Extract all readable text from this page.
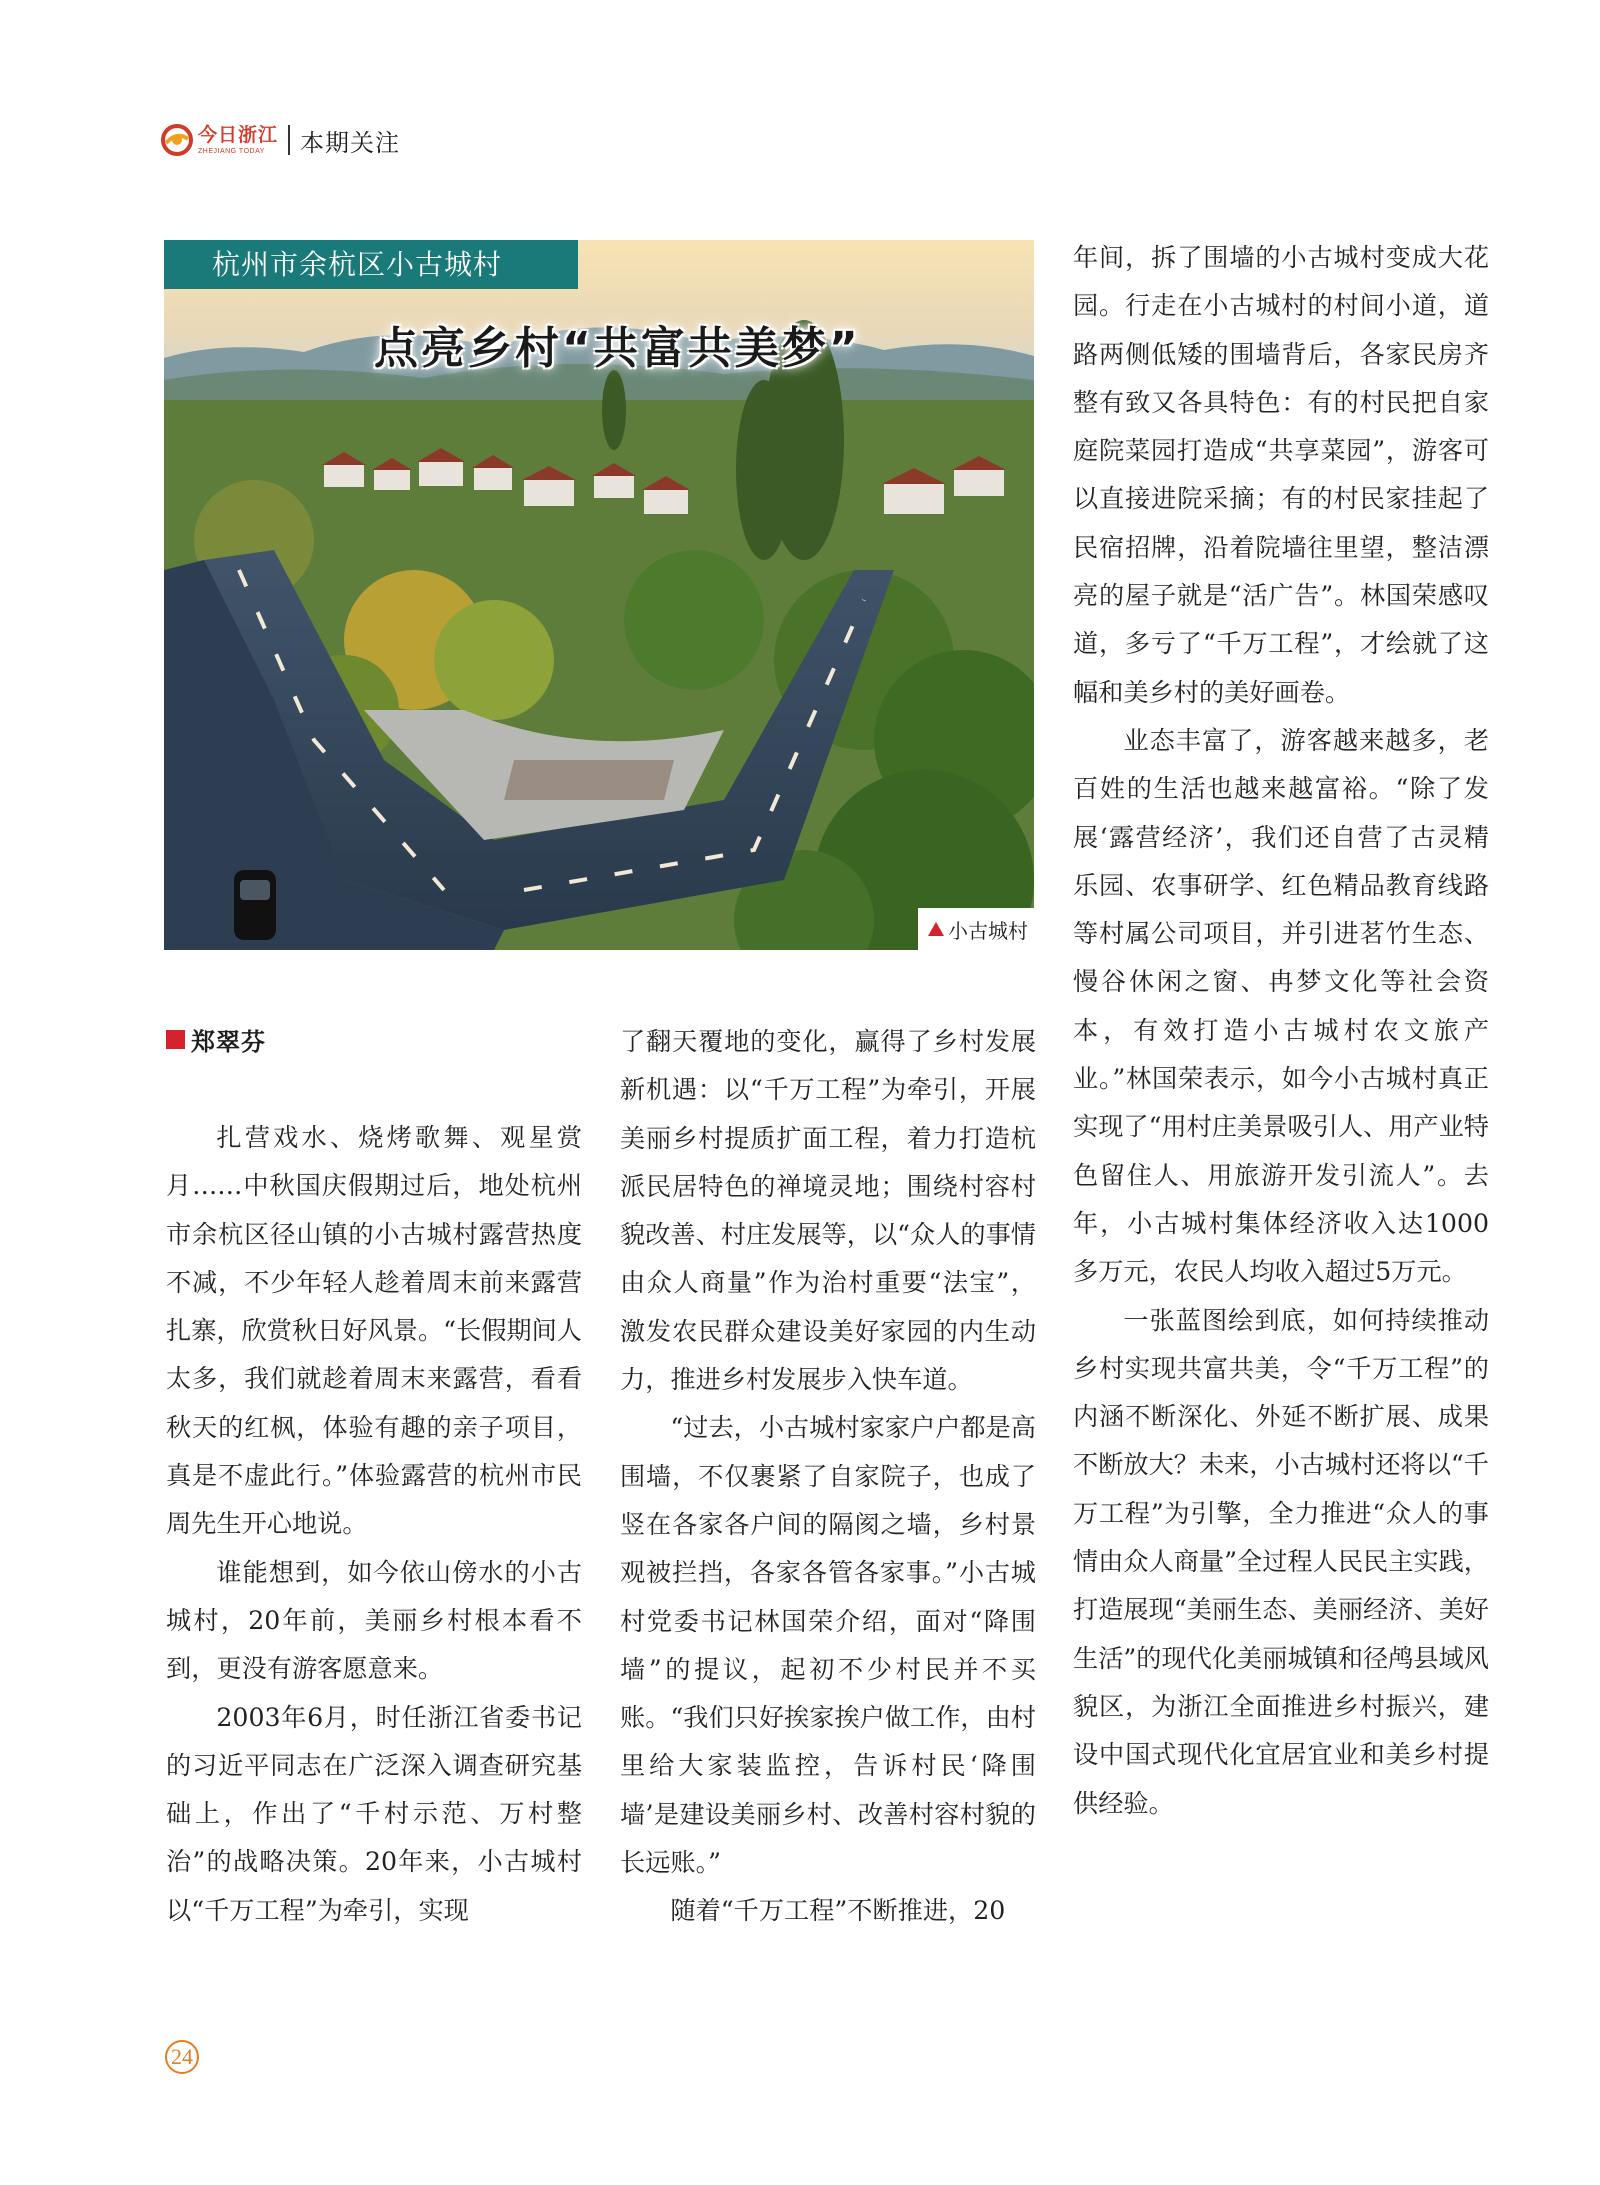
今日浙江
ZHEJIANG TODAY	本期关注
杭州市余杭区小古城村
点亮乡村“共富共美梦”
小古城村
郑翠芬

扎营戏水、烧烤歌舞、观星赏月……中秋国庆假期过后，地处杭州市余杭区径山镇的小古城村露营热度不减，不少年轻人趁着周末前来露营扎寨，欣赏秋日好风景。“长假期间人太多，我们就趁着周末来露营，看看秋天的红枫，体验有趣的亲子项目，真是不虚此行。”体验露营的杭州市民周先生开心地说。

谁能想到，如今依山傍水的小古城村，20年前，美丽乡村根本看不到，更没有游客愿意来。

2003年6月，时任浙江省委书记的习近平同志在广泛深入调查研究基础上，作出了“千村示范、万村整治”的战略决策。20年来，小古城村以“千万工程”为牵引，实现

了翻天覆地的变化，赢得了乡村发展新机遇：以“千万工程”为牵引，开展美丽乡村提质扩面工程，着力打造杭派民居特色的禅境灵地；围绕村容村貌改善、村庄发展等，以“众人的事情由众人商量”作为治村重要“法宝”，激发农民群众建设美好家园的内生动力，推进乡村发展步入快车道。

“过去，小古城村家家户户都是高围墙，不仅裹紧了自家院子，也成了竖在各家各户间的隔阂之墙，乡村景观被拦挡，各家各管各家事。”小古城村党委书记林国荣介绍，面对“降围墙”的提议，起初不少村民并不买账。“我们只好挨家挨户做工作，由村里给大家装监控，告诉村民‘降围墙’是建设美丽乡村、改善村容村貌的长远账。”

随着“千万工程”不断推进，20

年间，拆了围墙的小古城村变成大花园。行走在小古城村的村间小道，道路两侧低矮的围墙背后，各家民房齐整有致又各具特色：有的村民把自家庭院菜园打造成“共享菜园”，游客可以直接进院采摘；有的村民家挂起了民宿招牌，沿着院墙往里望，整洁漂亮的屋子就是“活广告”。林国荣感叹道，多亏了“千万工程”，才绘就了这幅和美乡村的美好画卷。

业态丰富了，游客越来越多，老百姓的生活也越来越富裕。“除了发展‘露营经济’，我们还自营了古灵精乐园、农事研学、红色精品教育线路等村属公司项目，并引进茗竹生态、慢谷休闲之窗、冉梦文化等社会资本，有效打造小古城村农文旅产业。”林国荣表示，如今小古城村真正实现了“用村庄美景吸引人、用产业特色留住人、用旅游开发引流人”。去年，小古城村集体经济收入达1000多万元，农民人均收入超过5万元。

一张蓝图绘到底，如何持续推动乡村实现共富共美，令“千万工程”的内涵不断深化、外延不断扩展、成果不断放大？未来，小古城村还将以“千万工程”为引擎，全力推进“众人的事情由众人商量”全过程人民民主实践，打造展现“美丽生态、美丽经济、美好生活”的现代化美丽城镇和径鸬县域风貌区，为浙江全面推进乡村振兴，建设中国式现代化宜居宜业和美乡村提供经验。

24
